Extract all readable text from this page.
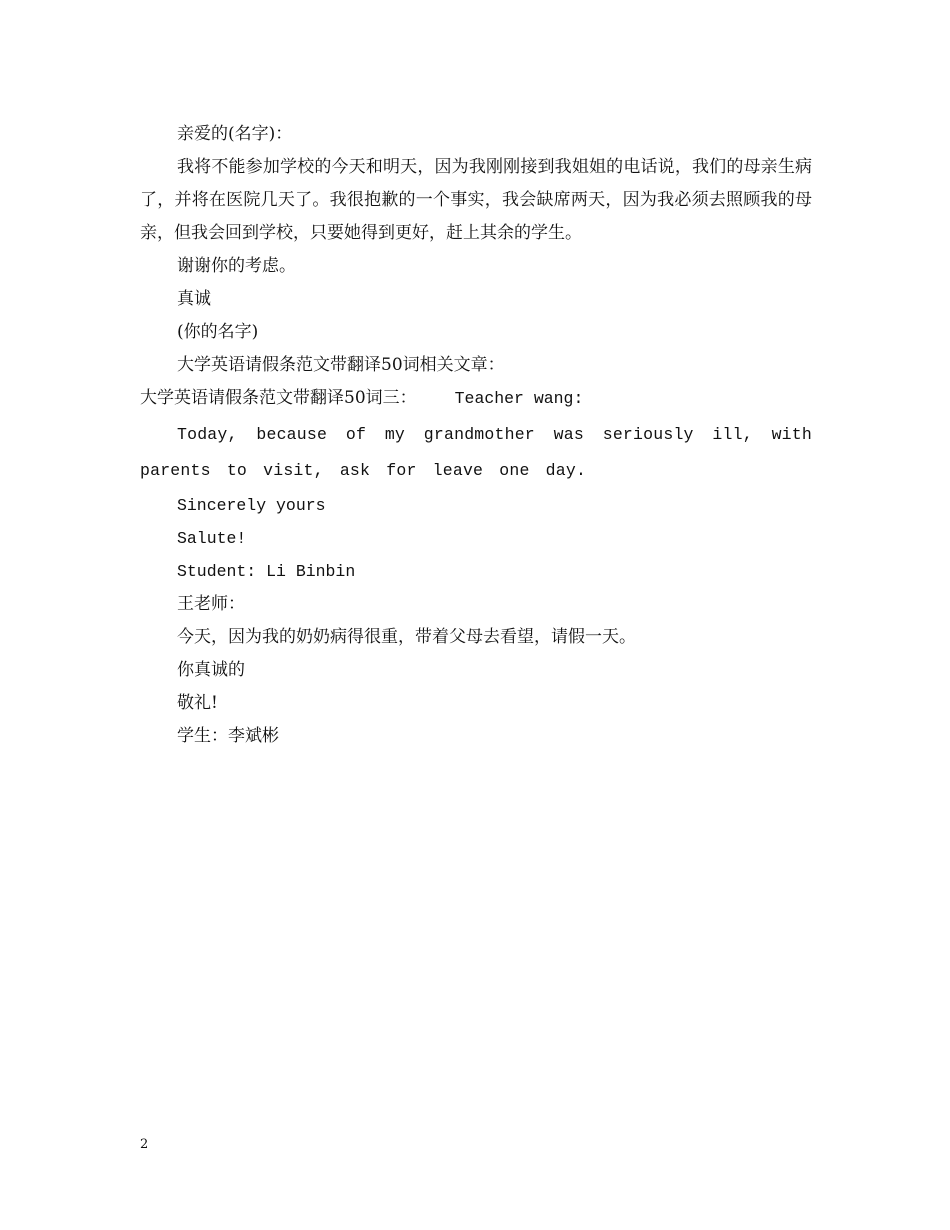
亲爱的(名字)：

我将不能参加学校的今天和明天，因为我刚刚接到我姐姐的电话说，我们的母亲生病了，并将在医院几天了。我很抱歉的一个事实，我会缺席两天，因为我必须去照顾我的母亲，但我会回到学校，只要她得到更好，赶上其余的学生。

谢谢你的考虑。

真诚

(你的名字)

大学英语请假条范文带翻译50词相关文章：

大学英语请假条范文带翻译50词三： Teacher wang:

Today, because of my grandmother was seriously ill, with parents to visit, ask for leave one day.

Sincerely yours

Salute!

Student: Li Binbin

王老师：

今天，因为我的奶奶病得很重，带着父母去看望，请假一天。

你真诚的

敬礼!

学生：李斌彬

2
